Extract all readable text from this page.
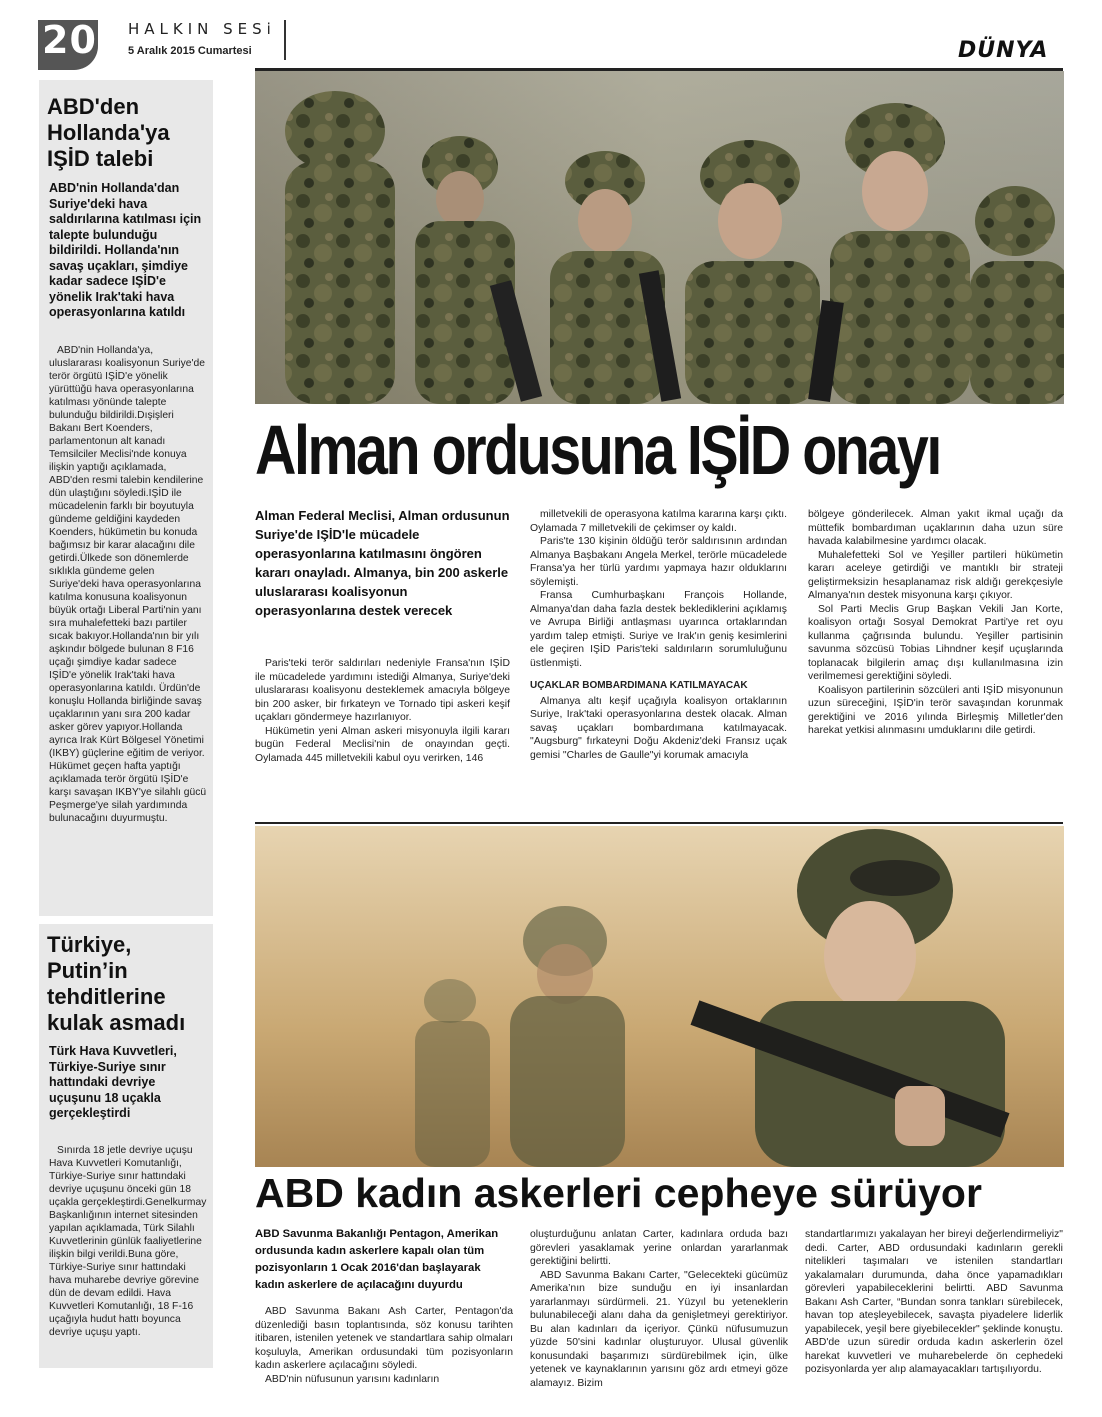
20 HALKIN SESi
5 Aralık 2015 Cumartesi	DÜNYA
ABD'den Hollanda'ya IŞİD talebi
ABD'nin Hollanda'dan Suriye'deki hava saldırılarına katılması için talepte bulunduğu bildirildi. Hollanda'nın savaş uçakları, şimdiye kadar sadece IŞİD'e yönelik Irak'taki hava operasyonlarına katıldı
ABD'nin Hollanda'ya, uluslararası koalisyonun Suriye'de terör örgütü IŞİD'e yönelik yürüttüğü hava operasyonlarına katılması yönünde talepte bulunduğu bildirildi.Dışişleri Bakanı Bert Koenders, parlamentonun alt kanadı Temsilciler Meclisi'nde konuya ilişkin yaptığı açıklamada, ABD'den resmi talebin kendilerine dün ulaştığını söyledi.IŞİD ile mücadelenin farklı bir boyutuyla gündeme geldiğini kaydeden Koenders, hükümetin bu konuda bağımsız bir karar alacağını dile getirdi.Ülkede son dönemlerde sıklıkla gündeme gelen Suriye'deki hava operasyonlarına katılma konusuna koalisyonun büyük ortağı Liberal Parti'nin yanı sıra muhalefetteki bazı partiler sıcak bakıyor.Hollanda'nın bir yılı aşkındır bölgede bulunan 8 F16 uçağı şimdiye kadar sadece IŞİD'e yönelik Irak'taki hava operasyonlarına katıldı. Ürdün'de konuşlu Hollanda birliğinde savaş uçaklarının yanı sıra 200 kadar asker görev yapıyor.Hollanda ayrıca Irak Kürt Bölgesel Yönetimi (IKBY) güçlerine eğitim de veriyor. Hükümet geçen hafta yaptığı açıklamada terör örgütü IŞİD'e karşı savaşan IKBY'ye silahlı gücü Peşmerge'ye silah yardımında bulunacağını duyurmuştu.
Türkiye, Putin’in tehditlerine kulak asmadı
Türk Hava Kuvvetleri, Türkiye-Suriye sınır hattındaki devriye uçuşunu 18 uçakla gerçekleştirdi
Sınırda 18 jetle devriye uçuşu Hava Kuvvetleri Komutanlığı, Türkiye-Suriye sınır hattındaki devriye uçuşunu önceki gün 18 uçakla gerçekleştirdi.Genelkurmay Başkanlığının internet sitesinden yapılan açıklamada, Türk Silahlı Kuvvetlerinin günlük faaliyetlerine ilişkin bilgi verildi.Buna göre, Türkiye-Suriye sınır hattındaki hava muharebe devriye görevine dün de devam edildi. Hava Kuvvetleri Komutanlığı, 18 F-16 uçağıyla hudut hattı boyunca devriye uçuşu yaptı.
Alman ordusuna IŞİD onayı
Alman Federal Meclisi, Alman ordusunun Suriye'de IŞİD'le mücadele operasyonlarına katılmasını öngören kararı onayladı. Almanya, bin 200 askerle uluslararası koalisyonun operasyonlarına destek verecek

Paris'teki terör saldırıları nedeniyle Fransa'nın IŞİD ile mücadelede yardımını istediği Almanya, Suriye'deki uluslararası koalisyonu desteklemek amacıyla bölgeye bin 200 asker, bir fırkateyn ve Tornado tipi askeri keşif uçakları göndermeye hazırlanıyor.

Hükümetin yeni Alman askeri misyonuyla ilgili kararı bugün Federal Meclisi'nin de onayından geçti. Oylamada 445 milletvekili kabul oyu verirken, 146

milletvekili de operasyona katılma kararına karşı çıktı. Oylamada 7 milletvekili de çekimser oy kaldı.

Paris'te 130 kişinin öldüğü terör saldırısının ardından Almanya Başbakanı Angela Merkel, terörle mücadelede Fransa'ya her türlü yardımı yapmaya hazır olduklarını söylemişti.

Fransa Cumhurbaşkanı François Hollande, Almanya'dan daha fazla destek beklediklerini açıklamış ve Avrupa Birliği antlaşması uyarınca ortaklarından yardım talep etmişti. Suriye ve Irak'ın geniş kesimlerini ele geçiren IŞİD Paris'teki saldırıların sorumluluğunu üstlenmişti.

UÇAKLAR BOMBARDIMANA KATILMAYACAK

Almanya altı keşif uçağıyla koalisyon ortaklarının Suriye, Irak'taki operasyonlarına destek olacak. Alman savaş uçakları bombardımana katılmayacak. "Augsburg" fırkateyni Doğu Akdeniz'deki Fransız uçak gemisi "Charles de Gaulle"yi korumak amacıyla

bölgeye gönderilecek. Alman yakıt ikmal uçağı da müttefik bombardıman uçaklarının daha uzun süre havada kalabilmesine yardımcı olacak.

Muhalefetteki Sol ve Yeşiller partileri hükümetin kararı aceleye getirdiği ve mantıklı bir strateji geliştirmeksizin hesaplanamaz risk aldığı gerekçesiyle Almanya'nın destek misyonuna karşı çıkıyor.

Sol Parti Meclis Grup Başkan Vekili Jan Korte, koalisyon ortağı Sosyal Demokrat Parti'ye ret oyu kullanma çağrısında bulundu. Yeşiller partisinin savunma sözcüsü Tobias Lihndner keşif uçuşlarında toplanacak bilgilerin amaç dışı kullanılmasına izin verilmemesi gerektiğini söyledi.

Koalisyon partilerinin sözcüleri anti IŞİD misyonunun uzun süreceğini, IŞİD'in terör savaşından korunmak gerektiğini ve 2016 yılında Birleşmiş Milletler'den harekat yetkisi alınmasını umduklarını dile getirdi.

ABD kadın askerleri cepheye sürüyor
ABD Savunma Bakanlığı Pentagon, Amerikan ordusunda kadın askerlere kapalı olan tüm pozisyonların 1 Ocak 2016'dan başlayarak kadın askerlere de açılacağını duyurdu

ABD Savunma Bakanı Ash Carter, Pentagon'da düzenlediği basın toplantısında, söz konusu tarihten itibaren, istenilen yetenek ve standartlara sahip olmaları koşuluyla, Amerikan ordusundaki tüm pozisyonların kadın askerlere açılacağını söyledi.

ABD'nin nüfusunun yarısını kadınların

oluşturduğunu anlatan Carter, kadınlara orduda bazı görevleri yasaklamak yerine onlardan yararlanmak gerektiğini belirtti.

ABD Savunma Bakanı Carter, "Gelecekteki gücümüz Amerika’nın bize sunduğu en iyi insanlardan yararlanmayı sürdürmeli. 21. Yüzyıl bu yeteneklerin bulunabileceği alanı daha da genişletmeyi gerektiriyor. Bu alan kadınları da içeriyor. Çünkü nüfusumuzun yüzde 50'sini kadınlar oluşturuyor. Ulusal güvenlik konusundaki başarımızı sürdürebilmek için, ülke yetenek ve kaynaklarının yarısını göz ardı etmeyi göze alamayız. Bizim

standartlarımızı yakalayan her bireyi değerlendirmeliyiz" dedi. Carter, ABD ordusundaki kadınların gerekli nitelikleri taşımaları ve istenilen standartları yakalamaları durumunda, daha önce yapamadıkları görevleri yapabileceklerini belirtti. ABD Savunma Bakanı Ash Carter, “Bundan sonra tankları sürebilecek, havan top ateşleyebilecek, savaşta piyadelere liderlik yapabilecek, yeşil bere giyebilecekler" şeklinde konuştu. ABD'de uzun süredir orduda kadın askerlerin özel harekat kuvvetleri ve muharebelerde ön cephedeki pozisyonlarda yer alıp alamayacakları tartışılıyordu.
